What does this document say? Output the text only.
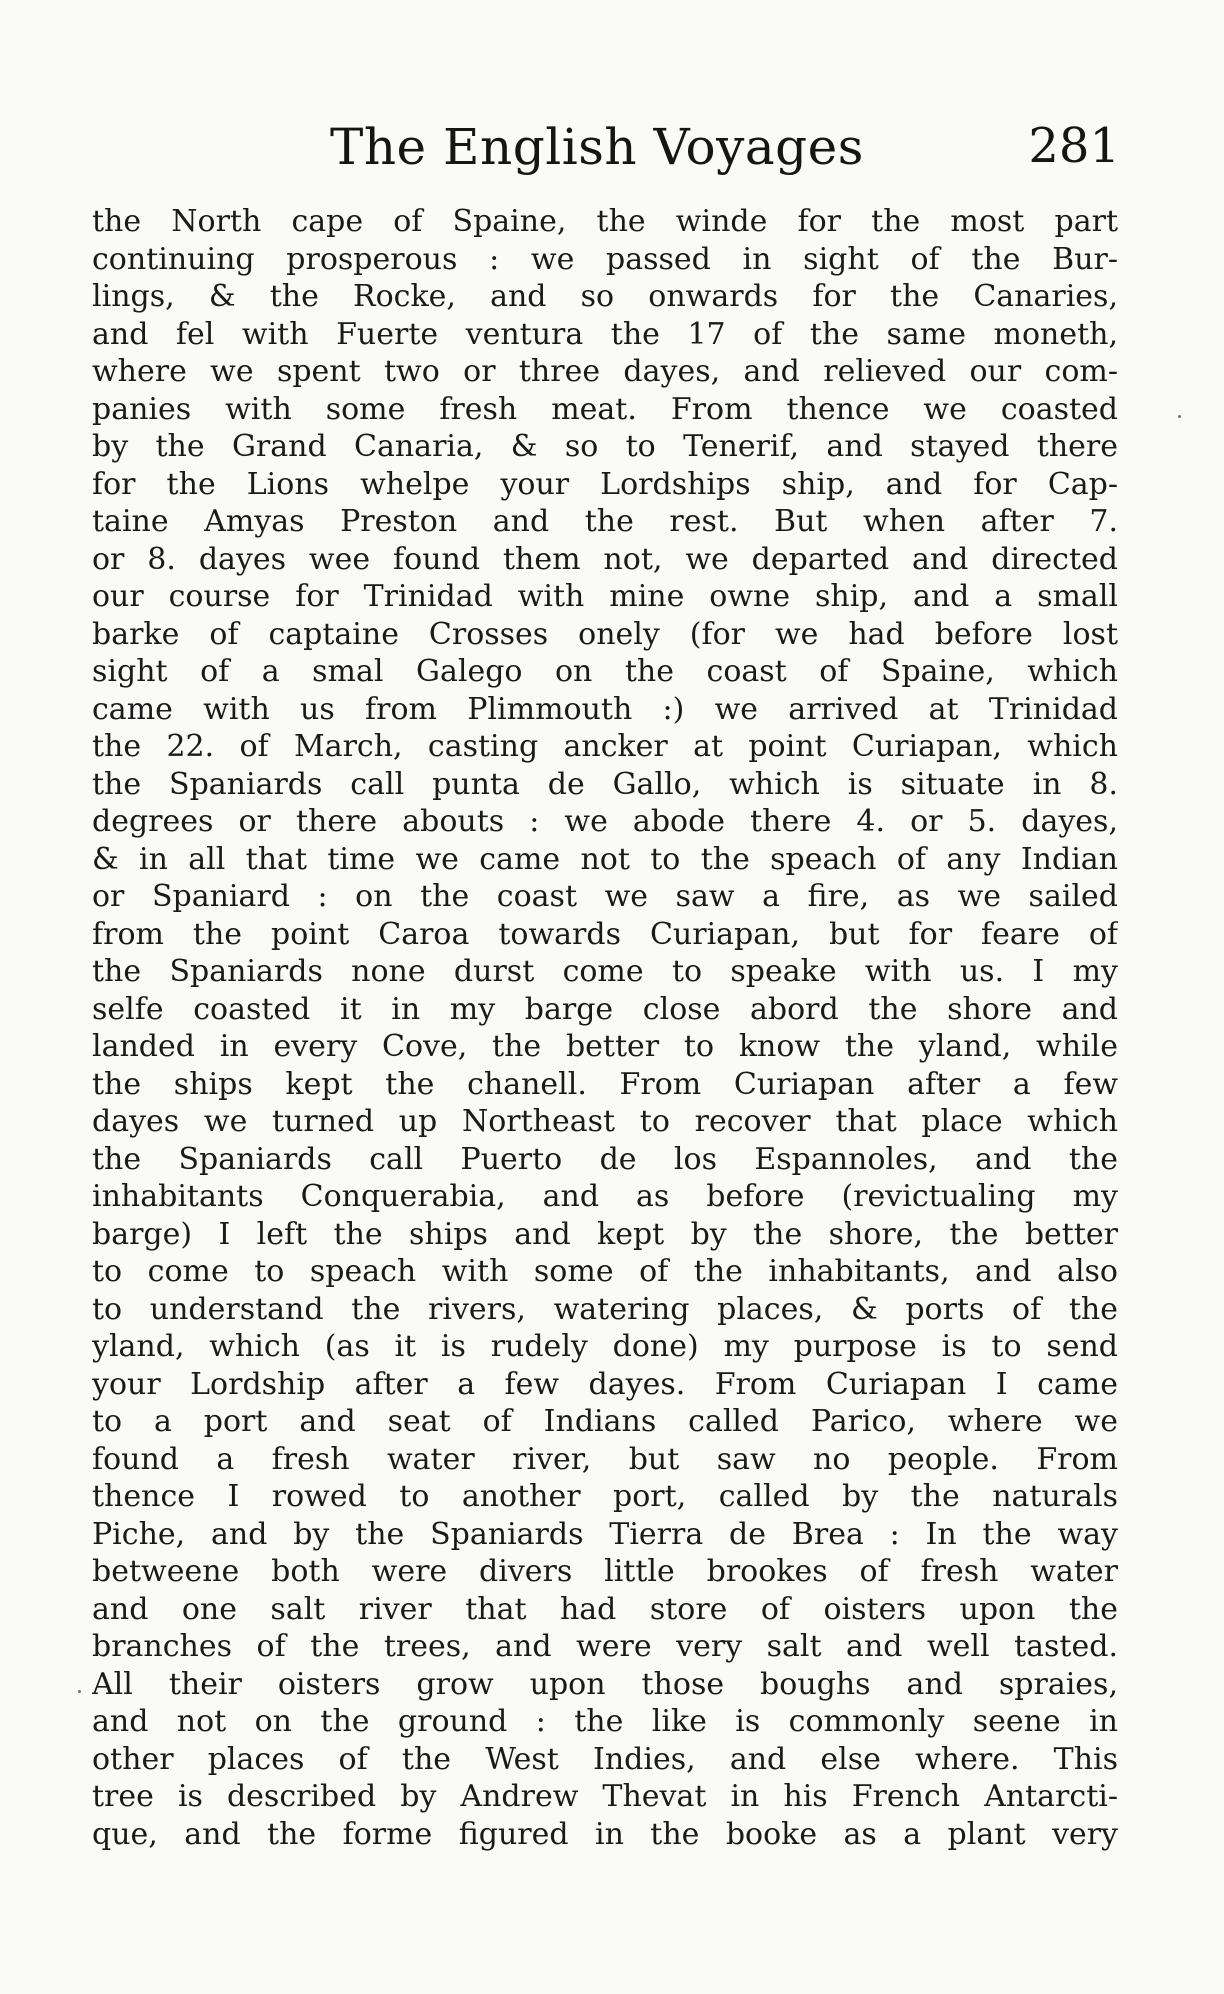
The English Voyages	281
the North cape of Spaine, the winde for the most part
continuing prosperous : we passed in sight of the Bur-
lings, & the Rocke, and so onwards for the Canaries,
and fel with Fuerte ventura the 17 of the same moneth,
where we spent two or three dayes, and relieved our com-
panies with some fresh meat. From thence we coasted
by the Grand Canaria, & so to Tenerif, and stayed there
for the Lions whelpe your Lordships ship, and for Cap-
taine Amyas Preston and the rest. But when after 7.
or 8. dayes wee found them not, we departed and directed
our course for Trinidad with mine owne ship, and a small
barke of captaine Crosses onely (for we had before lost
sight of a smal Galego on the coast of Spaine, which
came with us from Plimmouth :) we arrived at Trinidad
the 22. of March, casting ancker at point Curiapan, which
the Spaniards call punta de Gallo, which is situate in 8.
degrees or there abouts : we abode there 4. or 5. dayes,
& in all that time we came not to the speach of any Indian
or Spaniard : on the coast we saw a fire, as we sailed
from the point Caroa towards Curiapan, but for feare of
the Spaniards none durst come to speake with us. I my
selfe coasted it in my barge close abord the shore and
landed in every Cove, the better to know the yland, while
the ships kept the chanell. From Curiapan after a few
dayes we turned up Northeast to recover that place which
the Spaniards call Puerto de los Espannoles, and the
inhabitants Conquerabia, and as before (revictualing my
barge) I left the ships and kept by the shore, the better
to come to speach with some of the inhabitants, and also
to understand the rivers, watering places, & ports of the
yland, which (as it is rudely done) my purpose is to send
your Lordship after a few dayes. From Curiapan I came
to a port and seat of Indians called Parico, where we
found a fresh water river, but saw no people. From
thence I rowed to another port, called by the naturals
Piche, and by the Spaniards Tierra de Brea : In the way
betweene both were divers little brookes of fresh water
and one salt river that had store of oisters upon the
branches of the trees, and were very salt and well tasted.
All their oisters grow upon those boughs and spraies,
and not on the ground : the like is commonly seene in
other places of the West Indies, and else where. This
tree is described by Andrew Thevat in his French Antarcti-
que, and the forme figured in the booke as a plant very
